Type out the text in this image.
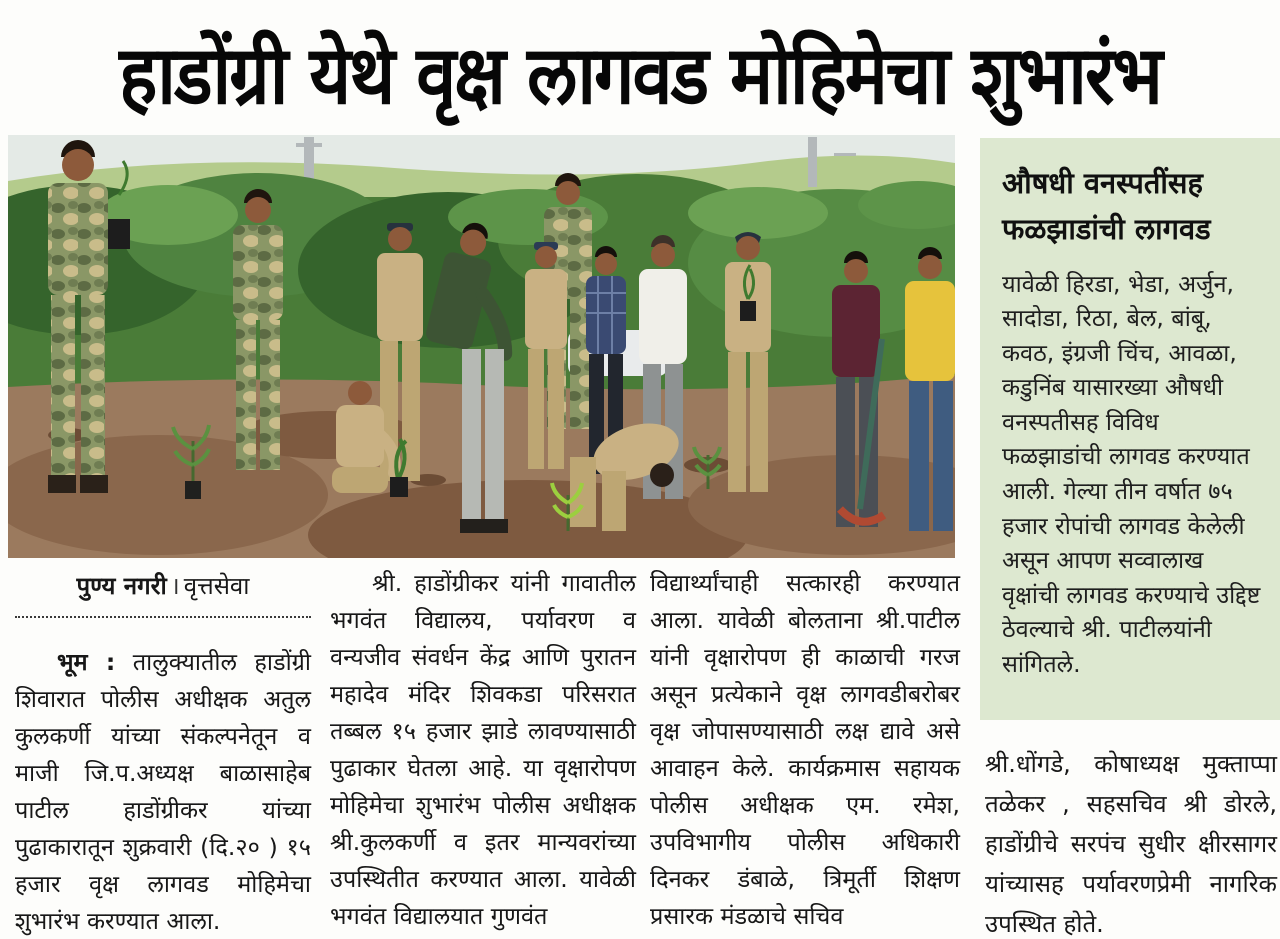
हाडोंग्री येथे वृक्ष लागवड मोहिमेचा शुभारंभ
औषधी वनस्पतींसह फळझाडांची लागवड
यावेळी हिरडा, भेडा, अर्जुन, सादोडा, रिठा, बेल, बांबू, कवठ, इंग्रजी चिंच, आवळा, कडुनिंब यासारख्या औषधी वनस्पतीसह विविध फळझाडांची लागवड करण्यात आली. गेल्या तीन वर्षात ७५ हजार रोपांची लागवड केलेली असून आपण सव्वालाख वृक्षांची लागवड करण्याचे उद्दिष्ट ठेवल्याचे श्री. पाटीलयांनी सांगितले.
पुण्य नगरी । वृत्तसेवा

भूम : तालुक्यातील हाडोंग्री शिवारात पोलीस अधीक्षक अतुल कुलकर्णी यांच्या संकल्पनेतून व माजी जि.प.अध्यक्ष बाळासाहेब पाटील हाडोंग्रीकर यांच्या पुढाकारातून शुक्रवारी (दि.२० ) १५ हजार वृक्ष लागवड मोहिमेचा शुभारंभ करण्यात आला.

श्री. हाडोंग्रीकर यांनी गावातील भगवंत विद्यालय, पर्यावरण व वन्यजीव संवर्धन केंद्र आणि पुरातन महादेव मंदिर शिवकडा परिसरात तब्बल १५ हजार झाडे लावण्यासाठी पुढाकार घेतला आहे. या वृक्षारोपण मोहिमेचा शुभारंभ पोलीस अधीक्षक श्री.कुलकर्णी व इतर मान्यवरांच्या उपस्थितीत करण्यात आला. यावेळी भगवंत विद्यालयात गुणवंत

विद्यार्थ्यांचाही सत्कारही करण्यात आला. यावेळी बोलताना श्री.पाटील यांनी वृक्षारोपण ही काळाची गरज असून प्रत्येकाने वृक्ष लागवडीबरोबर वृक्ष जोपासण्यासाठी लक्ष द्यावे असे आवाहन केले. कार्यक्रमास सहायक पोलीस अधीक्षक एम. रमेश, उपविभागीय पोलीस अधिकारी दिनकर डंबाळे, त्रिमूर्ती शिक्षण प्रसारक मंडळाचे सचिव

श्री.धोंगडे, कोषाध्यक्ष मुक्ताप्पा तळेकर , सहसचिव श्री डोरले, हाडोंग्रीचे सरपंच सुधीर क्षीरसागर यांच्यासह पर्यावरणप्रेमी नागरिक उपस्थित होते.
